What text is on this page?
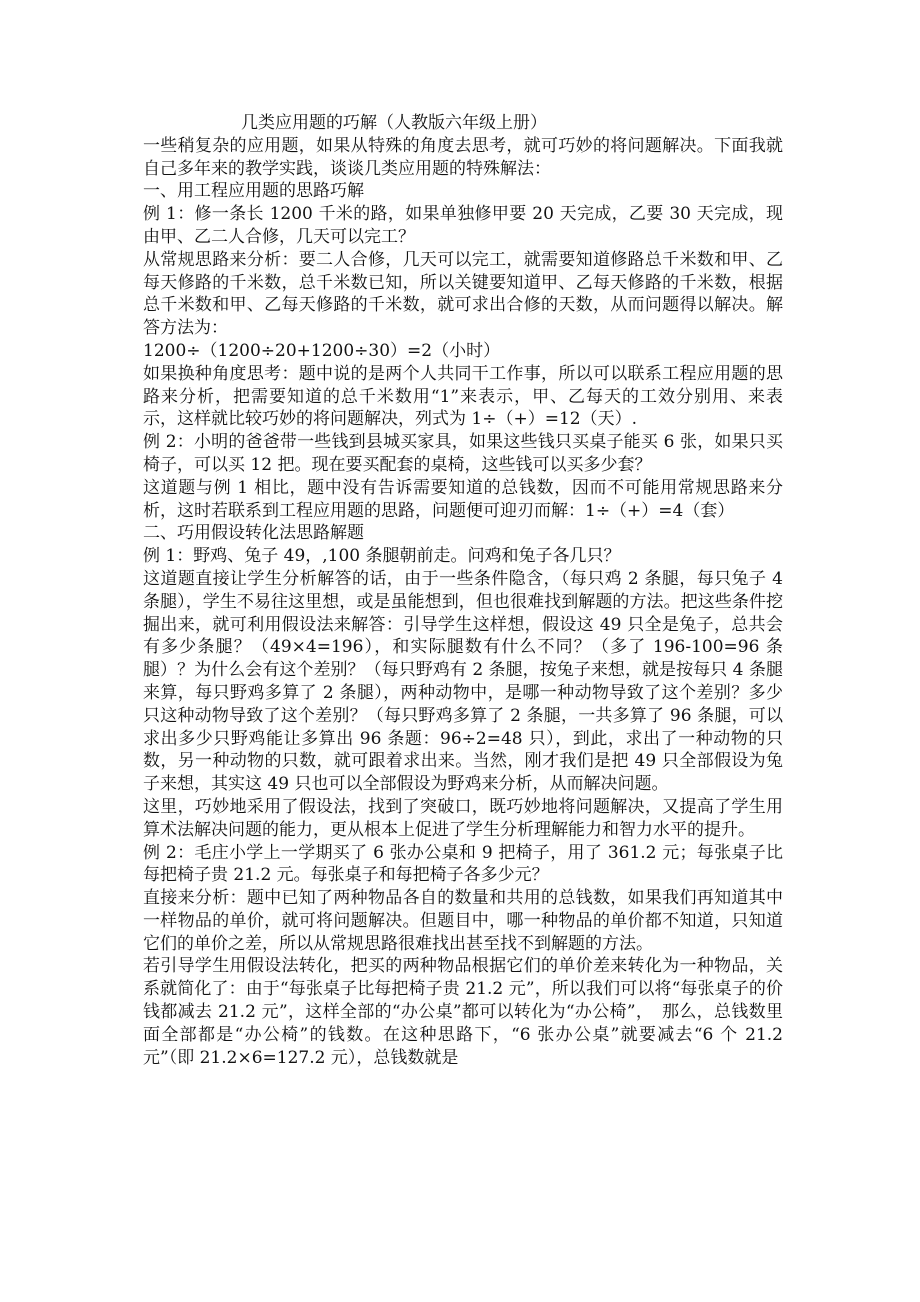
几类应用题的巧解（人教版六年级上册）

一些稍复杂的应用题，如果从特殊的角度去思考，就可巧妙的将问题解决。下面我就自己多年来的教学实践，谈谈几类应用题的特殊解法：

一、用工程应用题的思路巧解

例 1：修一条长 1200 千米的路，如果单独修甲要 20 天完成，乙要 30 天完成，现由甲、乙二人合修，几天可以完工？

从常规思路来分析：要二人合修，几天可以完工，就需要知道修路总千米数和甲、乙每天修路的千米数，总千米数已知，所以关键要知道甲、乙每天修路的千米数，根据总千米数和甲、乙每天修路的千米数，就可求出合修的天数，从而问题得以解决。解答方法为：

1200÷（1200÷20+1200÷30）=2（小时）

如果换种角度思考：题中说的是两个人共同干工作事，所以可以联系工程应用题的思路来分析，把需要知道的总千米数用“1”来表示，甲、乙每天的工效分别用、来表示，这样就比较巧妙的将问题解决，列式为 1÷（+）=12（天）.

例 2：小明的爸爸带一些钱到县城买家具，如果这些钱只买桌子能买 6 张，如果只买椅子，可以买 12 把。现在要买配套的桌椅，这些钱可以买多少套？

这道题与例 1 相比，题中没有告诉需要知道的总钱数，因而不可能用常规思路来分析，这时若联系到工程应用题的思路，问题便可迎刃而解：1÷（+）=4（套）

二、巧用假设转化法思路解题

例 1：野鸡、兔子 49，,100 条腿朝前走。问鸡和兔子各几只？

这道题直接让学生分析解答的话，由于一些条件隐含，（每只鸡 2 条腿，每只兔子 4 条腿），学生不易往这里想，或是虽能想到，但也很难找到解题的方法。把这些条件挖掘出来，就可利用假设法来解答：引导学生这样想，假设这 49 只全是兔子，总共会有多少条腿？（49×4=196），和实际腿数有什么不同？（多了 196-100=96 条腿）？为什么会有这个差别？（每只野鸡有 2 条腿，按兔子来想，就是按每只 4 条腿来算，每只野鸡多算了 2 条腿），两种动物中，是哪一种动物导致了这个差别？多少只这种动物导致了这个差别？（每只野鸡多算了 2 条腿，一共多算了 96 条腿，可以求出多少只野鸡能让多算出 96 条题：96÷2=48 只），到此，求出了一种动物的只数，另一种动物的只数，就可跟着求出来。当然，刚才我们是把 49 只全部假设为兔子来想，其实这 49 只也可以全部假设为野鸡来分析，从而解决问题。

这里，巧妙地采用了假设法，找到了突破口，既巧妙地将问题解决，又提高了学生用算术法解决问题的能力，更从根本上促进了学生分析理解能力和智力水平的提升。

例 2：毛庄小学上一学期买了 6 张办公桌和 9 把椅子，用了 361.2 元；每张桌子比每把椅子贵 21.2 元。每张桌子和每把椅子各多少元？

直接来分析：题中已知了两种物品各自的数量和共用的总钱数，如果我们再知道其中一样物品的单价，就可将问题解决。但题目中，哪一种物品的单价都不知道，只知道它们的单价之差，所以从常规思路很难找出甚至找不到解题的方法。

若引导学生用假设法转化，把买的两种物品根据它们的单价差来转化为一种物品，关系就简化了：由于“每张桌子比每把椅子贵 21.2 元”，所以我们可以将“每张桌子的价钱都减去 21.2 元”，这样全部的“办公桌”都可以转化为“办公椅”，　那么，总钱数里面全部都是“办公椅”的钱数。在这种思路下，“6 张办公桌”就要减去“6 个 21.2 元”（即 21.2×6=127.2 元），总钱数就是
